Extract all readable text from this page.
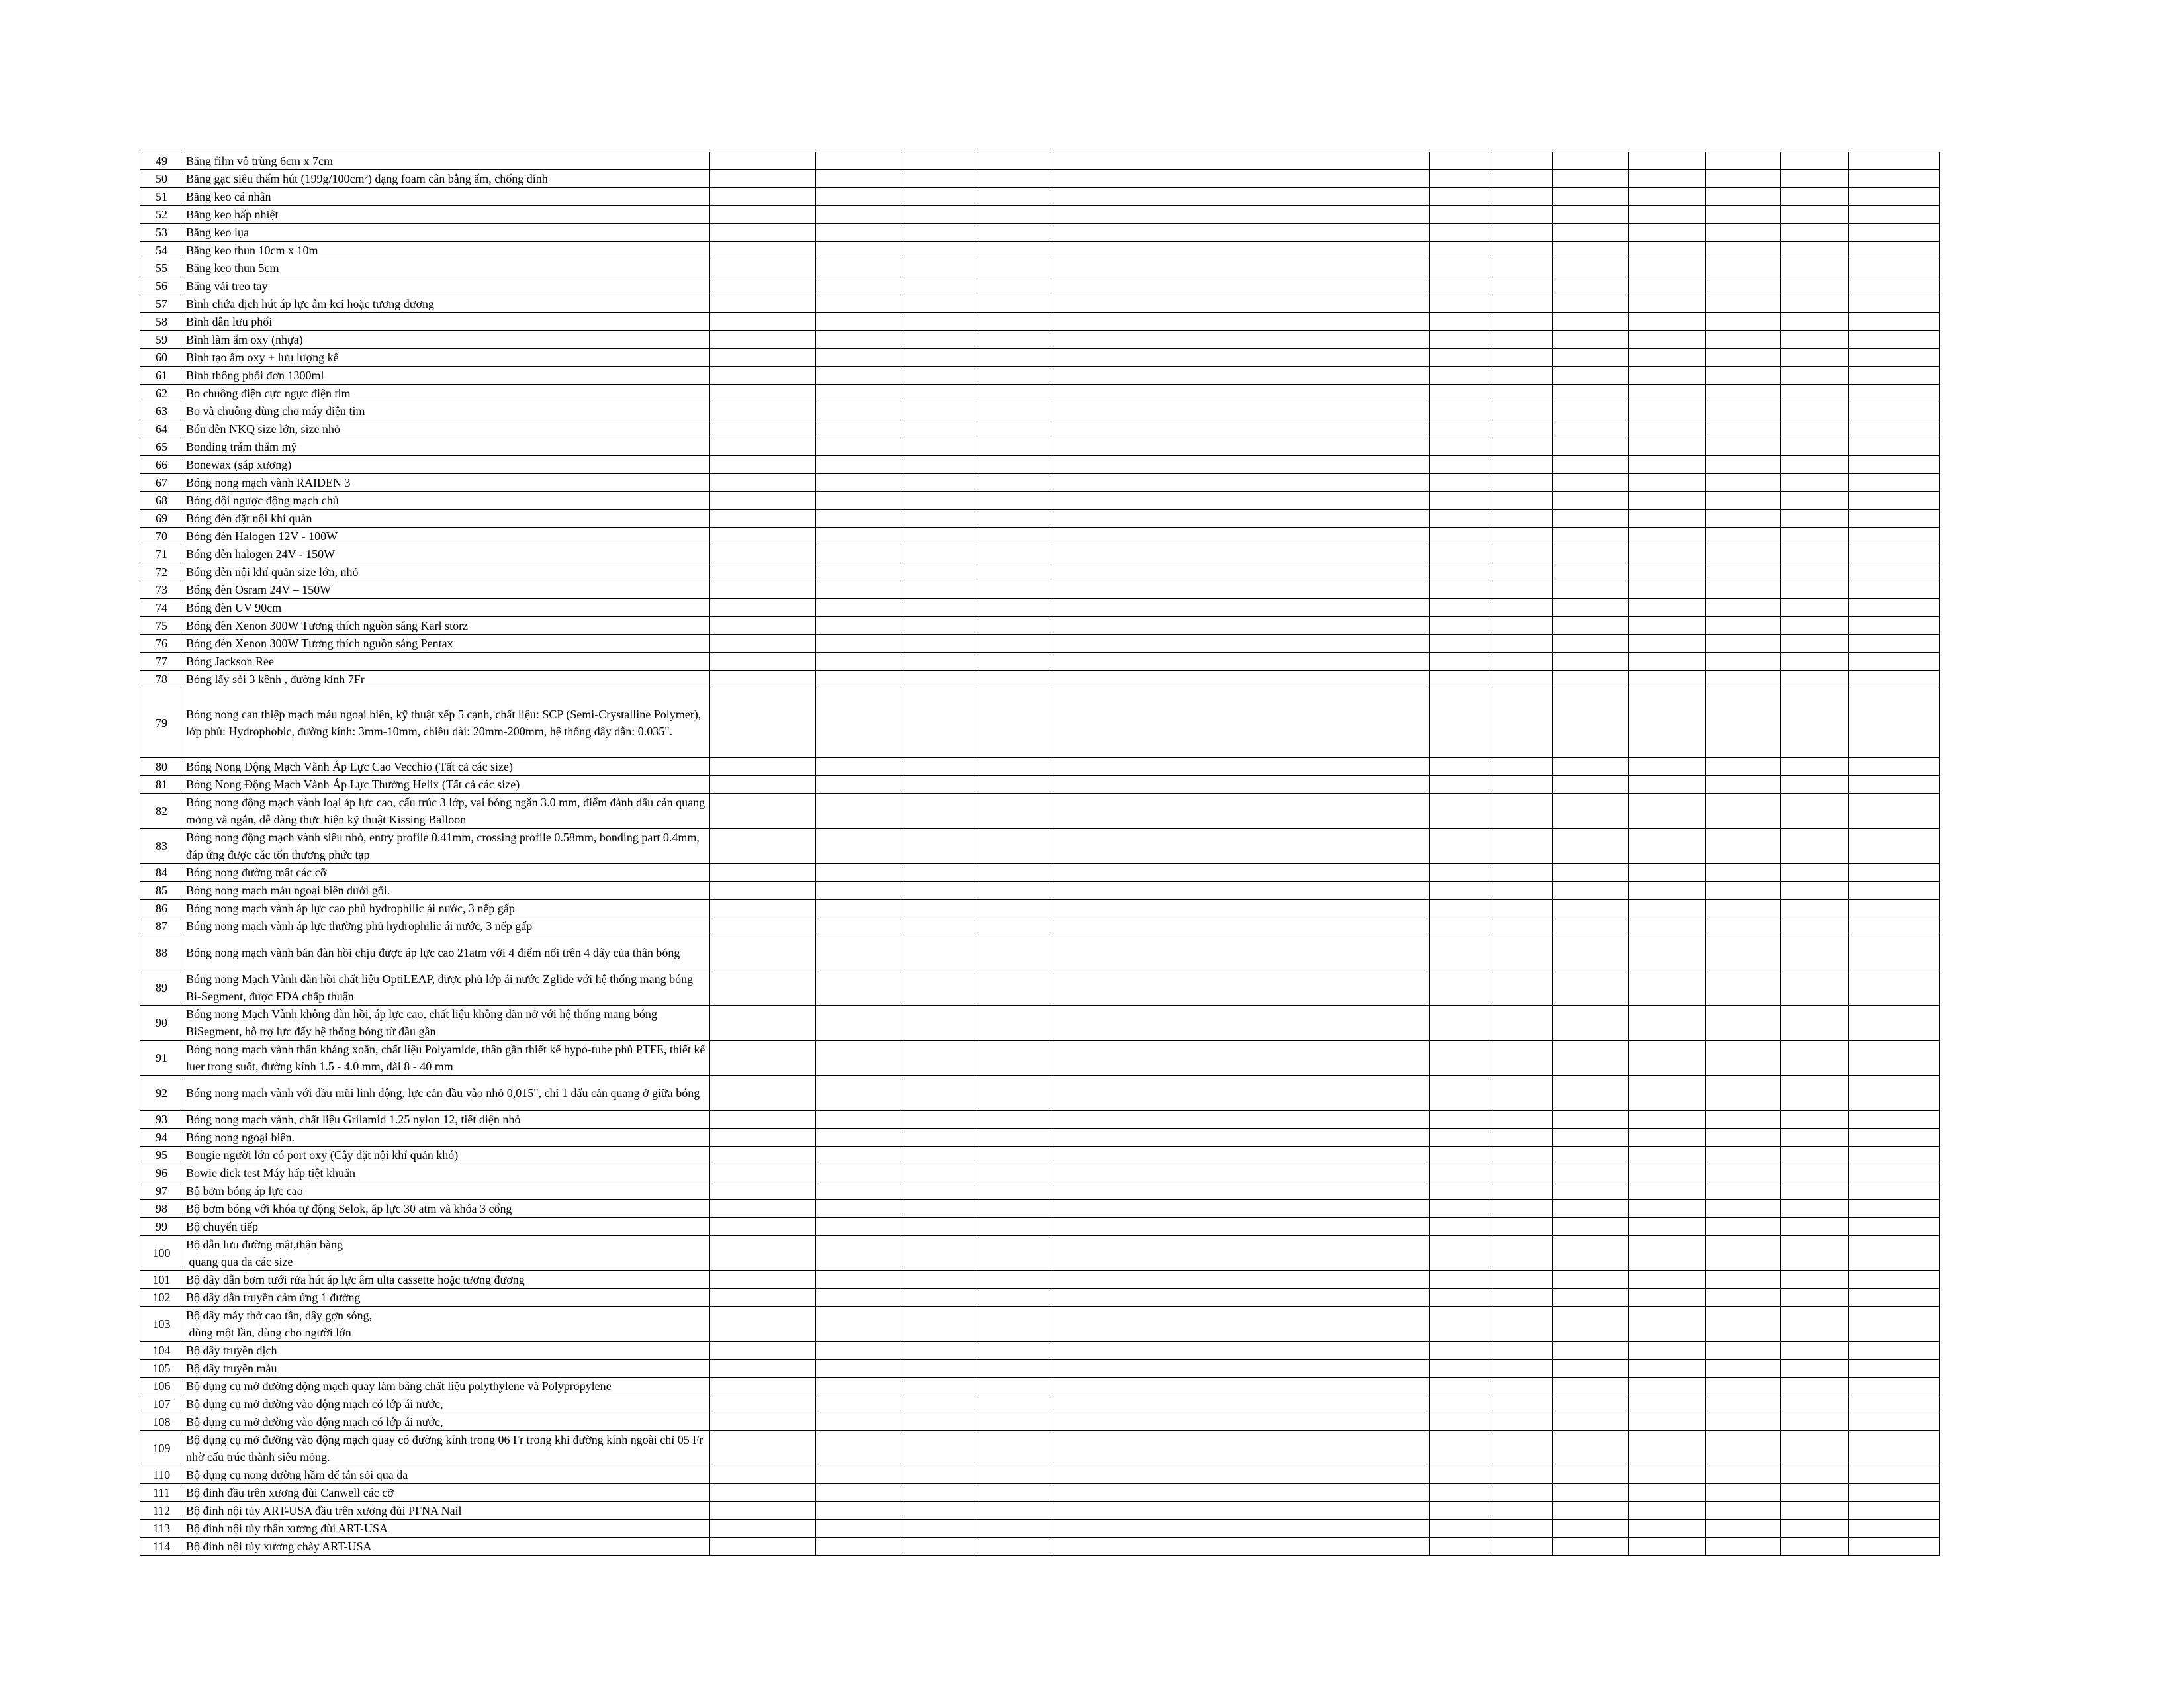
49	Băng film vô trùng 6cm x 7cm												

50	Băng gạc siêu thấm hút (199g/100cm²) dạng foam cân bằng ẩm, chống dính												

51	Băng keo cá nhân												

52	Băng keo hấp nhiệt												

53	Băng keo lụa												

54	Băng keo thun 10cm x 10m												

55	Băng keo thun 5cm												

56	Băng vải treo tay												

57	Bình chứa dịch hút áp lực âm kci hoặc tương đương												

58	Bình dẫn lưu phổi												

59	Bình làm ẩm oxy (nhựa)												

60	Bình tạo ẩm oxy + lưu lượng kế												

61	Bình thông phổi đơn 1300ml												

62	Bo chuông điện cực ngực điện tim												

63	Bo và chuông dùng cho máy điện tim												

64	Bón đèn NKQ size lớn, size nhỏ												

65	Bonding trám thẩm mỹ												

66	Bonewax (sáp xương)												

67	Bóng nong mạch vành RAIDEN 3												

68	Bóng dội ngược động mạch chủ												

69	Bóng đèn đặt nội khí quản												

70	Bóng đèn Halogen 12V - 100W												

71	Bóng đèn halogen 24V - 150W												

72	Bóng đèn nội khí quản size lớn, nhỏ												

73	Bóng đèn Osram 24V – 150W												

74	Bóng đèn UV 90cm												

75	Bóng đèn Xenon 300W Tương thích nguồn sáng Karl storz												

76	Bóng đèn Xenon 300W Tương thích nguồn sáng Pentax												

77	Bóng Jackson Ree												

78	Bóng lấy sỏi 3 kênh , đường kính 7Fr												

79	Bóng nong can thiệp mạch máu ngoại biên, kỹ thuật xếp 5 cạnh, chất liệu: SCP (Semi-Crystalline Polymer), lớp phủ: Hydrophobic, đường kính: 3mm-10mm, chiều dài: 20mm-200mm, hệ thống dây dẫn: 0.035".												

80	Bóng Nong Động Mạch Vành Áp Lực Cao Vecchio (Tất cả các size)												

81	Bóng Nong Động Mạch Vành Áp Lực Thường Helix (Tất cả các size)												

82	Bóng nong động mạch vành loại áp lực cao, cấu trúc 3 lớp, vai bóng ngắn 3.0 mm, điểm đánh dấu cản quang mỏng và ngắn, dễ dàng thực hiện kỹ thuật Kissing Balloon												

83	Bóng nong động mạch vành siêu nhỏ, entry profile 0.41mm, crossing profile 0.58mm, bonding part 0.4mm, đáp ứng được các tổn thương phức tạp												

84	Bóng nong đường mật các cỡ												

85	Bóng nong mạch máu ngoại biên dưới gối.												

86	Bóng nong mạch vành áp lực cao phủ hydrophilic ái nước, 3 nếp gấp												

87	Bóng nong mạch vành áp lực thường phủ hydrophilic ái nước, 3 nếp gấp												

88	Bóng nong mạch vành bán đàn hồi chịu được áp lực cao 21atm với 4 điểm nối trên 4 dây của thân bóng												

89	Bóng nong Mạch Vành đàn hồi chất liệu OptiLEAP, được phủ lớp ái nước Zglide với hệ thống mang bóng Bi-Segment, được FDA chấp thuận												

90	Bóng nong Mạch Vành không đàn hồi, áp lực cao, chất liệu không dãn nở với hệ thống mang bóng BiSegment, hỗ trợ lực đẩy hệ thống bóng từ đầu gần												

91	Bóng nong mạch vành thân kháng xoắn, chất liệu Polyamide, thân gần thiết kế hypo-tube phủ PTFE, thiết kế luer trong suốt, đường kính 1.5 - 4.0 mm, dài 8 - 40 mm												

92	Bóng nong mạch vành với đầu mũi linh động, lực cản đầu vào nhỏ 0,015", chỉ 1 dấu cản quang ở giữa bóng												

93	Bóng nong mạch vành, chất liệu Grilamid 1.25 nylon 12, tiết diện nhỏ												

94	Bóng nong ngoại biên.												

95	Bougie người lớn có port oxy (Cây đặt nội khí quản khó)												

96	Bowie dick test Máy hấp tiệt khuẩn												

97	Bộ bơm bóng áp lực cao												

98	Bộ bơm bóng với khóa tự động Selok, áp lực 30 atm và khóa 3 cổng												

99	Bộ chuyển tiếp												

100	Bộ dẫn lưu đường mật,thận bàng
quang qua da các size												

101	Bộ dây dẫn bơm tưới rửa hút áp lực âm ulta cassette hoặc tương đương												

102	Bộ dây dẫn truyền cảm ứng 1 đường												

103	Bộ dây máy thở cao tần, dây gợn sóng,
dùng một lần, dùng cho người lớn												

104	Bộ dây truyền dịch												

105	Bộ dây truyền máu												

106	Bộ dụng cụ mở đường động mạch quay làm bằng chất liệu polythylene và Polypropylene												

107	Bộ dụng cụ mở đường vào động mạch có lớp ái nước,												

108	Bộ dụng cụ mở đường vào động mạch có lớp ái nước,												

109	Bộ dụng cụ mở đường vào động mạch quay có đường kính trong 06 Fr trong khi đường kính ngoài chỉ 05 Fr nhờ cấu trúc thành siêu mỏng.												

110	Bộ dụng cụ nong đường hầm để tán sỏi qua da												

111	Bộ đinh đầu trên xương đùi Canwell các cỡ												

112	Bộ đinh nội tủy ART-USA đầu trên xương đùi PFNA Nail												

113	Bộ đinh nội tủy thân xương đùi ART-USA												

114	Bộ đinh nội tủy xương chày ART-USA												
